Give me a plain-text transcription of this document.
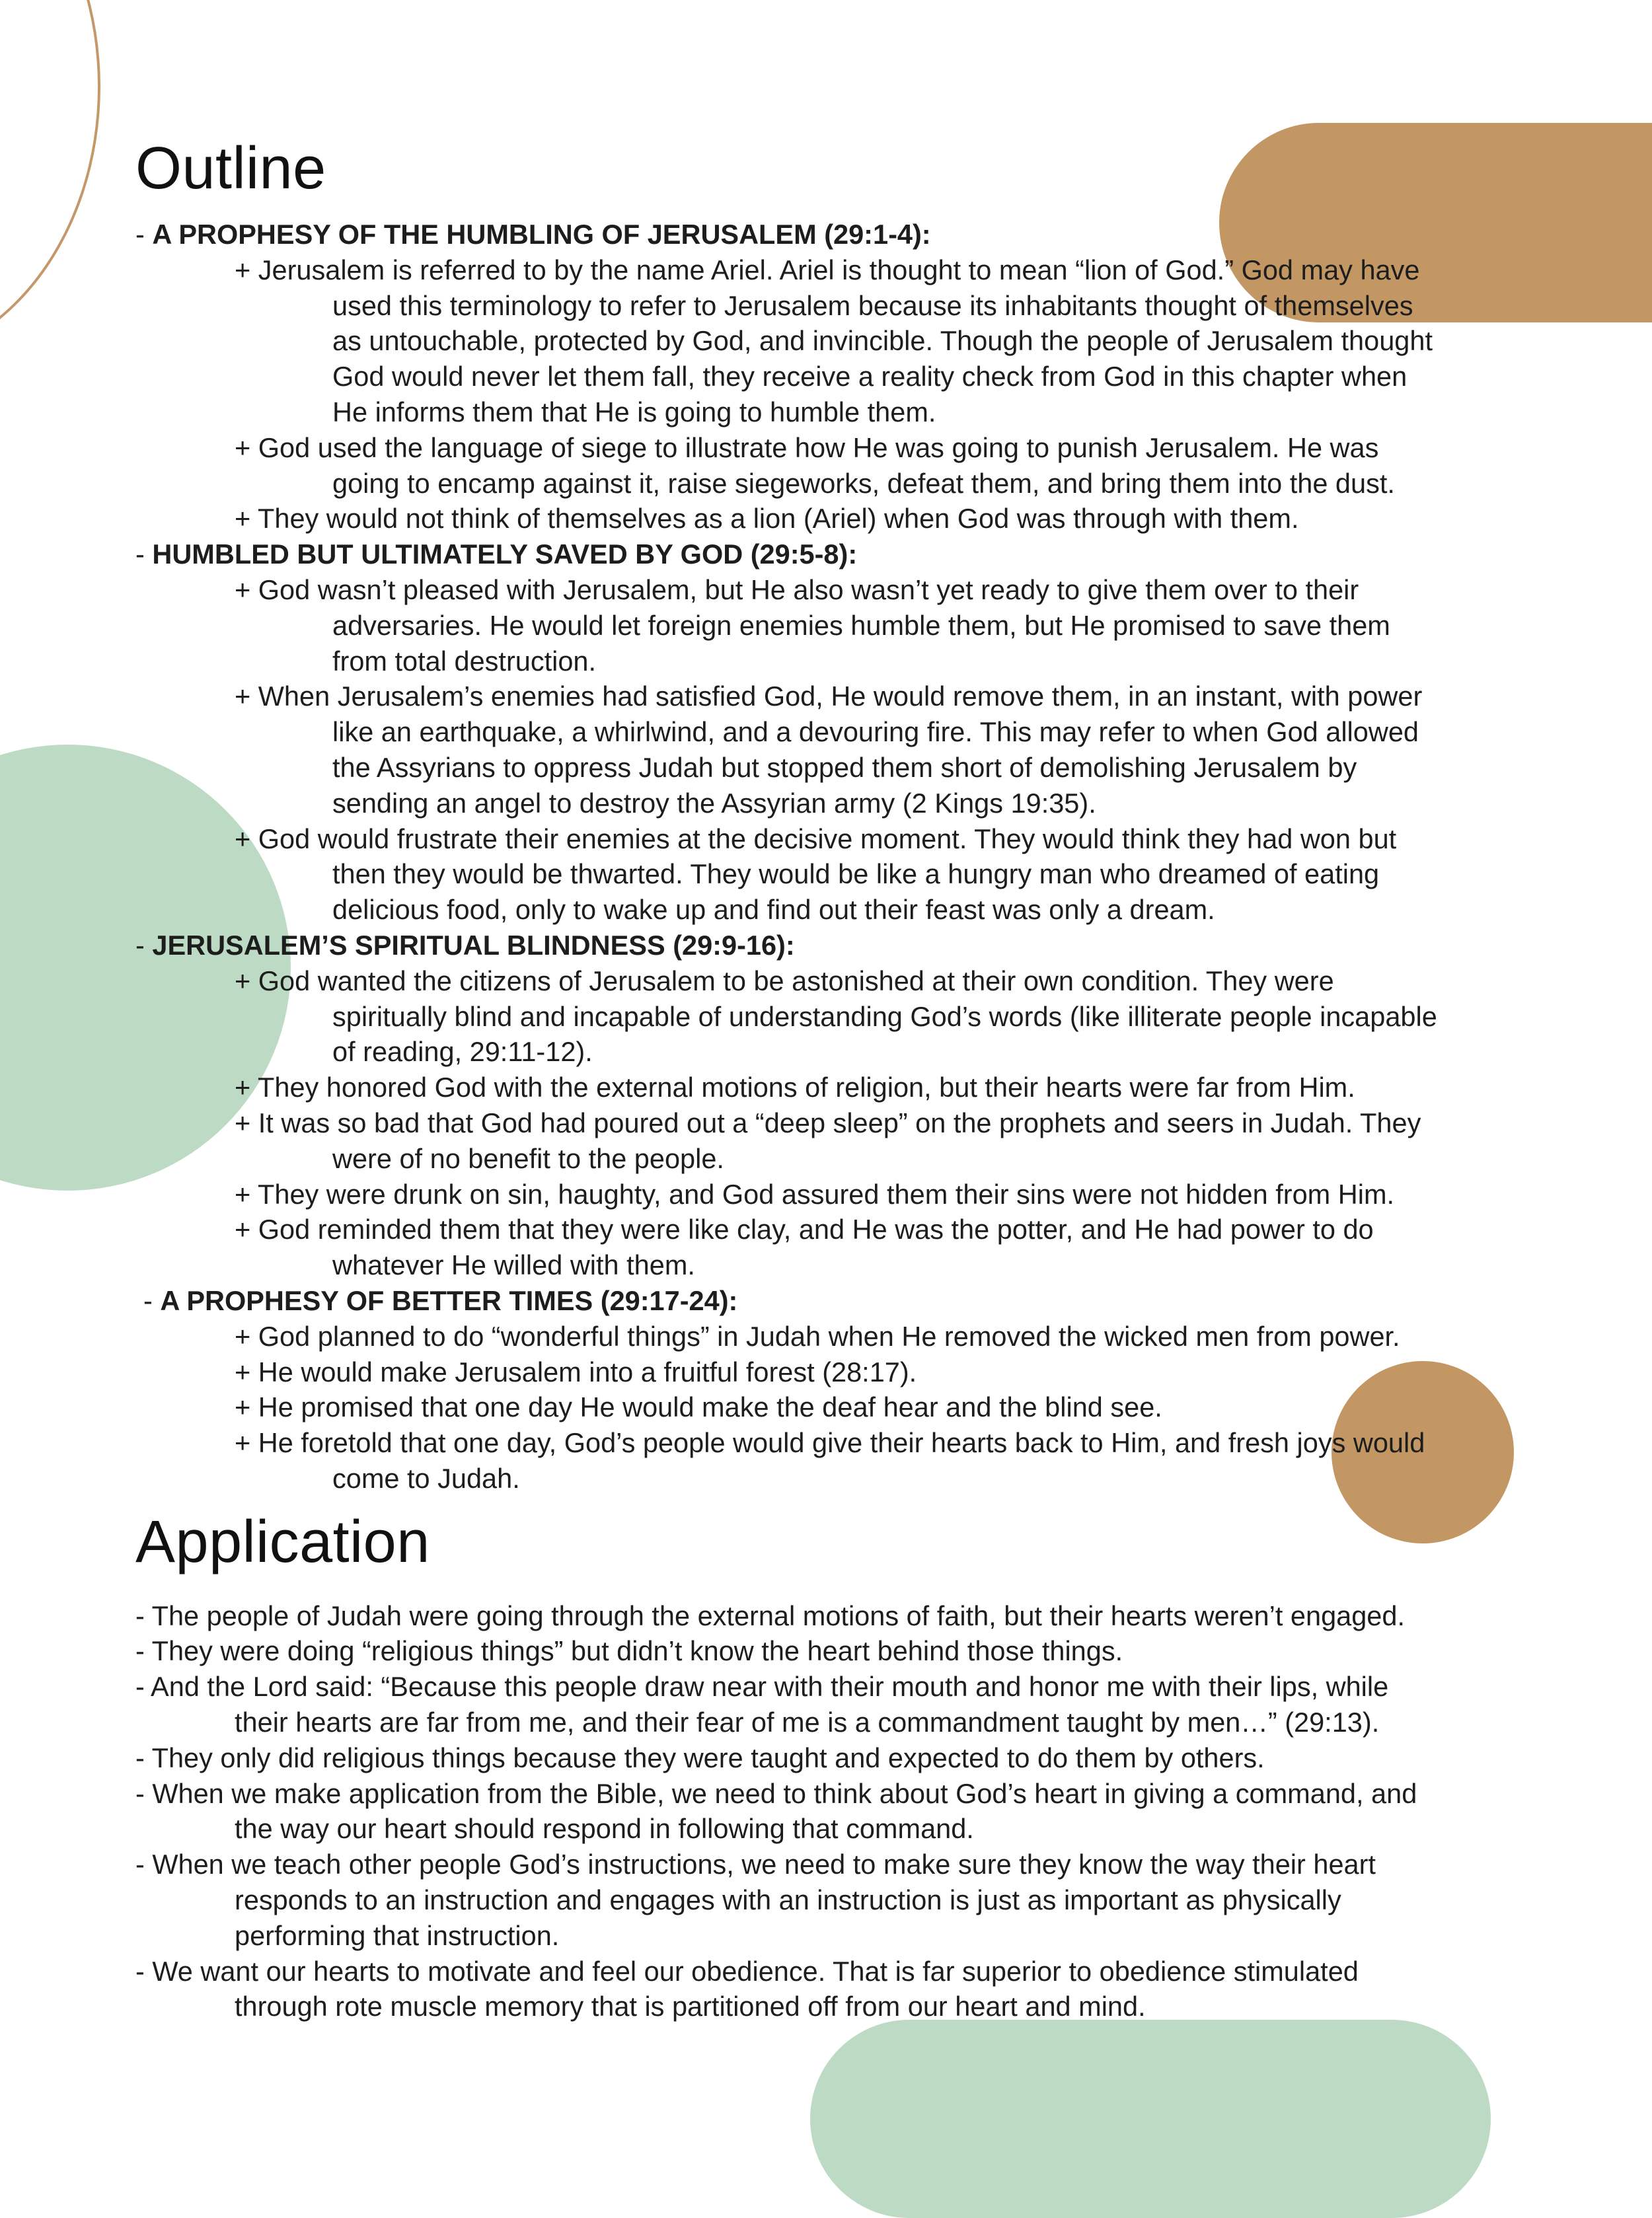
Outline
- A PROPHESY OF THE HUMBLING OF JERUSALEM (29:1-4):
+ Jerusalem is referred to by the name Ariel. Ariel is thought to mean “lion of God.” God may have
used this terminology to refer to Jerusalem because its inhabitants thought of themselves
as untouchable, protected by God, and invincible. Though the people of Jerusalem thought
God would never let them fall, they receive a reality check from God in this chapter when
He informs them that He is going to humble them.
+ God used the language of siege to illustrate how He was going to punish Jerusalem. He was
going to encamp against it, raise siegeworks, defeat them, and bring them into the dust.
+ They would not think of themselves as a lion (Ariel) when God was through with them.
- HUMBLED BUT ULTIMATELY SAVED BY GOD (29:5-8):
+ God wasn’t pleased with Jerusalem, but He also wasn’t yet ready to give them over to their
adversaries. He would let foreign enemies humble them, but He promised to save them
from total destruction.
+ When Jerusalem’s enemies had satisfied God, He would remove them, in an instant, with power
like an earthquake, a whirlwind, and a devouring fire. This may refer to when God allowed
the Assyrians to oppress Judah but stopped them short of demolishing Jerusalem by
sending an angel to destroy the Assyrian army (2 Kings 19:35).
+ God would frustrate their enemies at the decisive moment. They would think they had won but
then they would be thwarted. They would be like a hungry man who dreamed of eating
delicious food, only to wake up and find out their feast was only a dream.
- JERUSALEM’S SPIRITUAL BLINDNESS (29:9-16):
+ God wanted the citizens of Jerusalem to be astonished at their own condition. They were
spiritually blind and incapable of understanding God’s words (like illiterate people incapable
of reading, 29:11-12).
+ They honored God with the external motions of religion, but their hearts were far from Him.
+ It was so bad that God had poured out a “deep sleep” on the prophets and seers in Judah. They
were of no benefit to the people.
+ They were drunk on sin, haughty, and God assured them their sins were not hidden from Him.
+ God reminded them that they were like clay, and He was the potter, and He had power to do
whatever He willed with them.
- A PROPHESY OF BETTER TIMES (29:17-24):
+ God planned to do “wonderful things” in Judah when He removed the wicked men from power.
+ He would make Jerusalem into a fruitful forest (28:17).
+ He promised that one day He would make the deaf hear and the blind see.
+ He foretold that one day, God’s people would give their hearts back to Him, and fresh joys would
come to Judah.
Application
- The people of Judah were going through the external motions of faith, but their hearts weren’t engaged.
- They were doing “religious things” but didn’t know the heart behind those things.
- And the Lord said: “Because this people draw near with their mouth and honor me with their lips, while
their hearts are far from me, and their fear of me is a commandment taught by men…” (29:13).
- They only did religious things because they were taught and expected to do them by others.
- When we make application from the Bible, we need to think about God’s heart in giving a command, and
the way our heart should respond in following that command.
- When we teach other people God’s instructions, we need to make sure they know the way their heart
responds to an instruction and engages with an instruction is just as important as physically
performing that instruction.
- We want our hearts to motivate and feel our obedience. That is far superior to obedience stimulated
through rote muscle memory that is partitioned off from our heart and mind.
